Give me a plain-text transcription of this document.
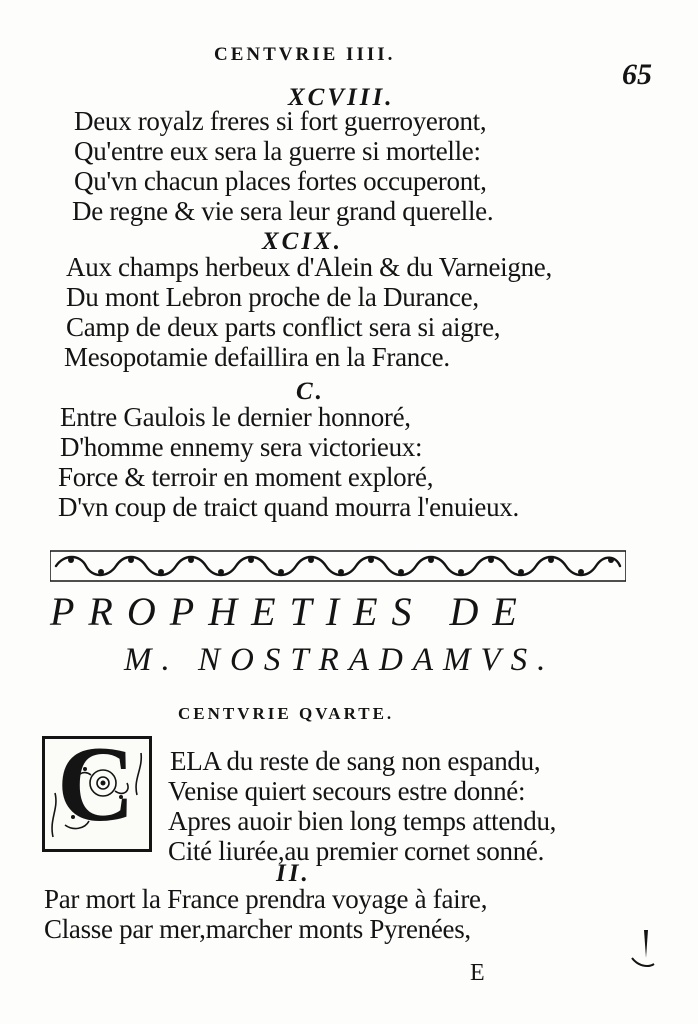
CENTVRIE IIII.
65
XCVIII.
Deux royalz freres si fort guerroyeront,
Qu'entre eux sera la guerre si mortelle:
Qu'vn chacun places fortes occuperont,
De regne & vie sera leur grand querelle.
XCIX.
Aux champs herbeux d'Alein & du Varneigne,
Du mont Lebron proche de la Durance,
Camp de deux parts conflict sera si aigre,
Mesopotamie defaillira en la France.
C.
Entre Gaulois le dernier honnoré,
D'homme ennemy sera victorieux:
Force & terroir en moment exploré,
D'vn coup de traict quand mourra l'enuieux.
PROPHETIES DE
M. NOSTRADAMVS.
CENTVRIE QVARTE.
C ELA du reste de sang non espandu,
Venise quiert secours estre donné:
Apres auoir bien long temps attendu,
Cité liurée,au premier cornet sonné.
II.
Par mort la France prendra voyage à faire,
Classe par mer,marcher monts Pyrenées,
E
